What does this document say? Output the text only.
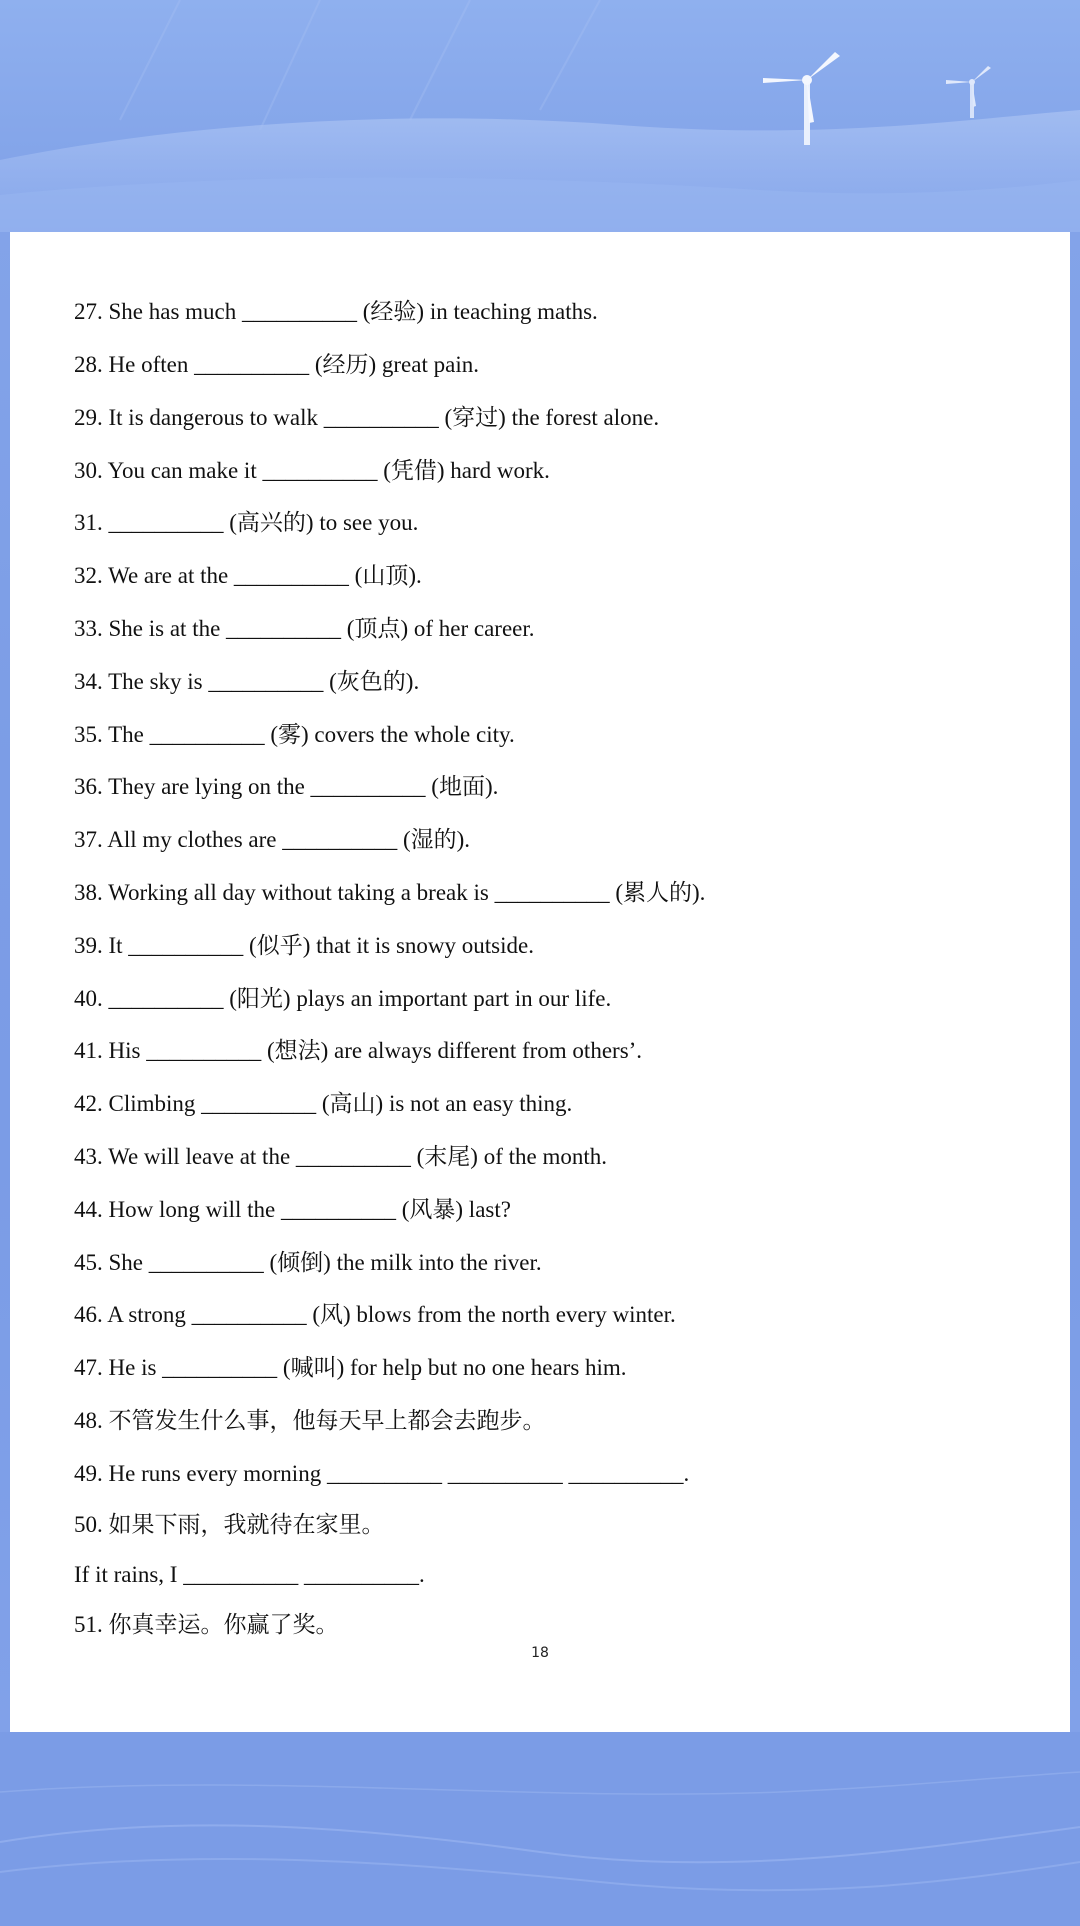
27. She has much __________ (经验) in teaching maths.
28. He often __________ (经历) great pain.
29. It is dangerous to walk __________ (穿过) the forest alone.
30. You can make it __________ (凭借) hard work.
31. __________ (高兴的) to see you.
32. We are at the __________ (山顶).
33. She is at the __________ (顶点) of her career.
34. The sky is __________ (灰色的).
35. The __________ (雾) covers the whole city.
36. They are lying on the __________ (地面).
37. All my clothes are __________ (湿的).
38. Working all day without taking a break is __________ (累人的).
39. It __________ (似乎) that it is snowy outside.
40. __________ (阳光) plays an important part in our life.
41. His __________ (想法) are always different from others’.
42. Climbing __________ (高山) is not an easy thing.
43. We will leave at the __________ (末尾) of the month.
44. How long will the __________ (风暴) last?
45. She __________ (倾倒) the milk into the river.
46. A strong __________ (风) blows from the north every winter.
47. He is __________ (喊叫) for help but no one hears him.
48. 不管发生什么事，他每天早上都会去跑步。
49. He runs every morning __________ __________ __________.
50. 如果下雨，我就待在家里。
If it rains, I __________ __________.
51. 你真幸运。你赢了奖。
18
